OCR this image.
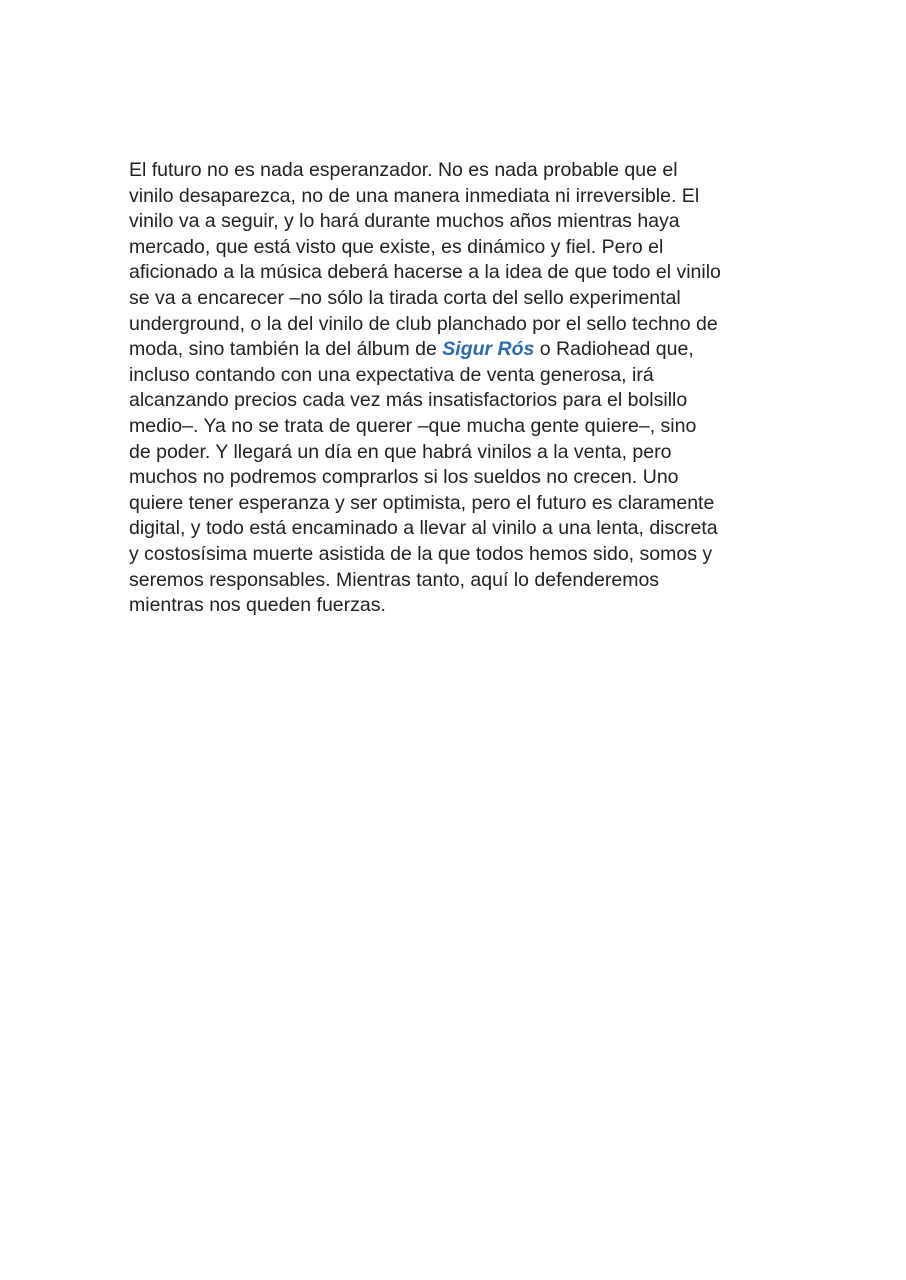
El futuro no es nada esperanzador. No es nada probable que el
vinilo desaparezca, no de una manera inmediata ni irreversible. El
vinilo va a seguir, y lo hará durante muchos años mientras haya
mercado, que está visto que existe, es dinámico y fiel. Pero el
aficionado a la música deberá hacerse a la idea de que todo el vinilo
se va a encarecer –no sólo la tirada corta del sello experimental
underground, o la del vinilo de club planchado por el sello techno de
moda, sino también la del álbum de Sigur Rós o Radiohead que,
incluso contando con una expectativa de venta generosa, irá
alcanzando precios cada vez más insatisfactorios para el bolsillo
medio–. Ya no se trata de querer –que mucha gente quiere–, sino
de poder. Y llegará un día en que habrá vinilos a la venta, pero
muchos no podremos comprarlos si los sueldos no crecen. Uno
quiere tener esperanza y ser optimista, pero el futuro es claramente
digital, y todo está encaminado a llevar al vinilo a una lenta, discreta
y costosísima muerte asistida de la que todos hemos sido, somos y
seremos responsables. Mientras tanto, aquí lo defenderemos
mientras nos queden fuerzas.
